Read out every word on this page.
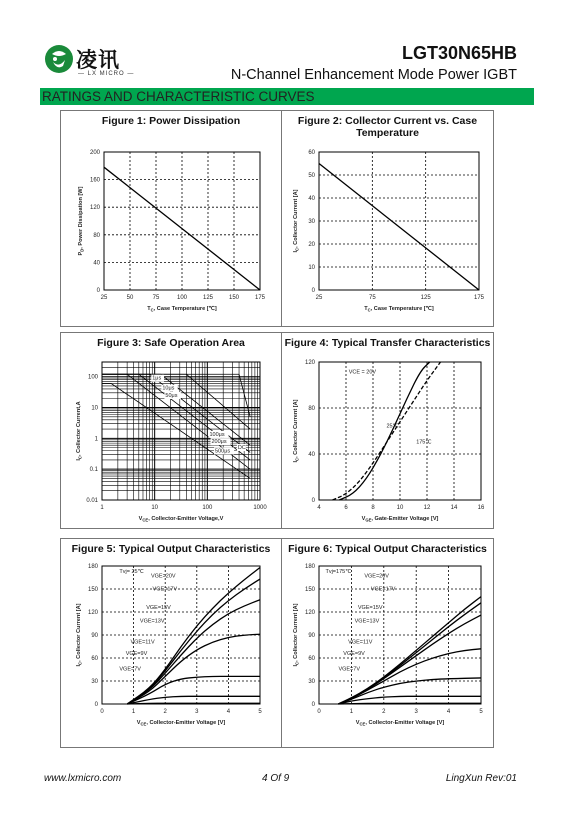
凌讯
— LX MICRO —
LGT30N65HB
N-Channel Enhancement Mode Power IGBT
RATINGS AND CHARACTERISTIC CURVES
Figure 1: Power Dissipation	Figure 2: Collector Current vs. Case Temperature
Figure 3: Safe Operation Area	Figure 4: Typical Transfer Characteristics
Figure 5: Typical Output Characteristics	Figure 6: Typical Output Characteristics
25	50	75	100	125	150	175
0
40
80
120
160
200
$T_C$, Case Temperature [℃]
$P_D$, Power Dissipation [W]
25	75	125	175
0
10
20
30
40
50
60
$T_C$, Case Temperature [℃]
$I_C$, Collector Current [A]
1	10	100	1000
0.01
0.1
1
10
100
$V_{CE}$, Collector-Emitter Voltage,V
$I_C$, Collector Current,A
1μs
10μs
50μs
100μs
200μs
500μs
DC
4	6	8	10	12	14	16
0
40
80
120
$V_{GE}$, Gate-Emitter Voltage [V]
$I_C$, Collector Current [A]
VCE = 20V
25℃
175℃
0	1	2	3	4	5
0
30
60
90
120
150
180
$V_{CE}$, Collector-Emitter Voltage [V]
$I_C$, Collector Current [A]
Tvj= 25℃
VGE=20V
VGE=17V
VGE=15V
VGE=13V
VGE=11V
VGE=9V
VGE=7V
0	1	2	3	4	5
0
30
60
90
120
150
180
$V_{CE}$, Collector-Emitter Voltage [V]
$I_C$, Collector Current [A]
Tvj=175℃
VGE=20V
VGE=17V
VGE=15V
VGE=13V
VGE=11V
VGE=9V
VGE=7V
www.lxmicro.com	4 Of 9	LingXun Rev:01
